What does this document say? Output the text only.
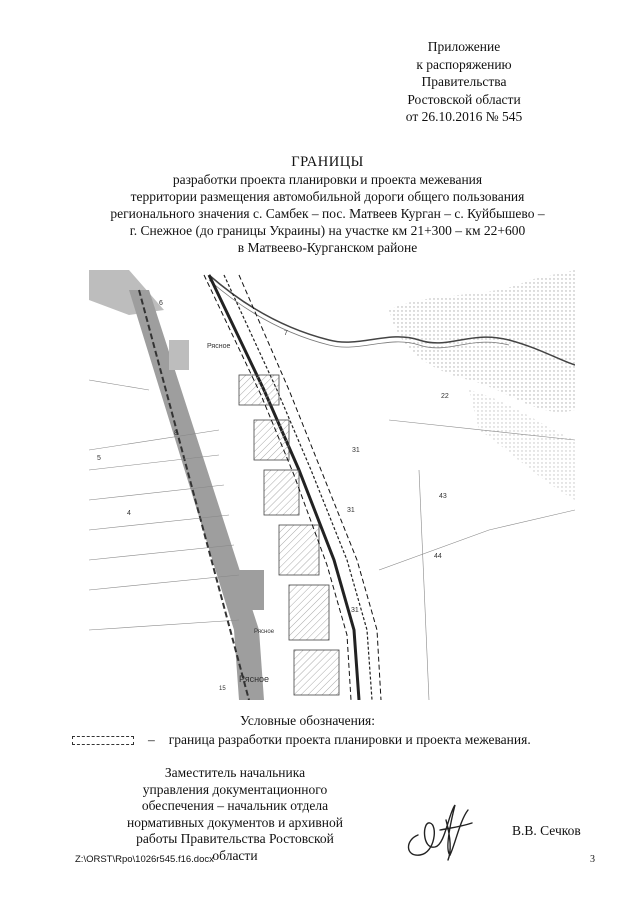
Приложение
к распоряжению
Правительства
Ростовской области
от 26.10.2016 № 545
ГРАНИЦЫ
разработки проекта планировки и проекта межевания
территории размещения автомобильной дороги общего пользования
регионального значения с. Самбек – пос. Матвеев Курган – с. Куйбышево –
г. Снежное (до границы Украины) на участке км 21+300 – км 22+600
в Матвеево-Курганском районе
Рясное
Рясное
Рясное
6
7
8
5
4
22
31
31
31
43
44
15
Условные обозначения:
– граница разработки проекта планировки и проекта межевания.
Заместитель начальника
управления документационного
обеспечения – начальник отдела
нормативных документов и архивной
работы Правительства Ростовской области
В.В. Сечков
Z:\ORST\Rpo\1026r545.f16.docx	3
